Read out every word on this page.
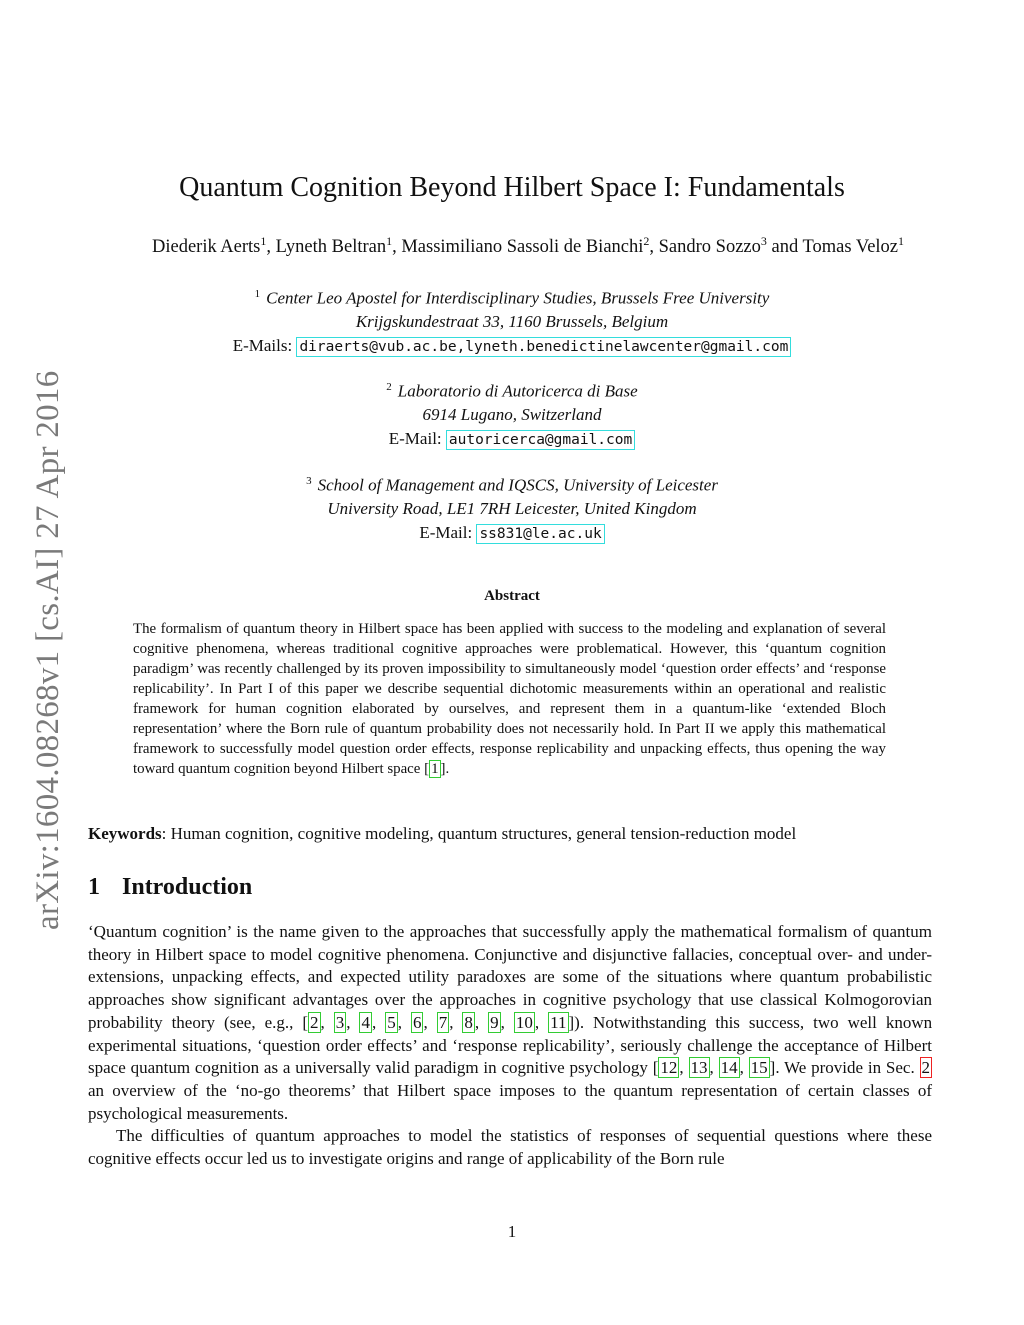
arXiv:1604.08268v1 [cs.AI] 27 Apr 2016
Quantum Cognition Beyond Hilbert Space I: Fundamentals
Diederik Aerts$^1$, Lyneth Beltran$^1$, Massimiliano Sassoli de Bianchi$^2$, Sandro Sozzo$^3$ and Tomas Veloz$^1$
$^1$ Center Leo Apostel for Interdisciplinary Studies, Brussels Free University
Krijgskundestraat 33, 1160 Brussels, Belgium
E-Mails: diraerts@vub.ac.be,lyneth.benedictinelawcenter@gmail.com
$^2$ Laboratorio di Autoricerca di Base
6914 Lugano, Switzerland
E-Mail: autoricerca@gmail.com
$^3$ School of Management and IQSCS, University of Leicester
University Road, LE1 7RH Leicester, United Kingdom
E-Mail: ss831@le.ac.uk
Abstract
The formalism of quantum theory in Hilbert space has been applied with success to the modeling and explanation of several cognitive phenomena, whereas traditional cognitive approaches were problematical. However, this ‘quantum cognition paradigm’ was recently challenged by its proven impossibility to simultaneously model ‘question order effects’ and ‘response replicability’. In Part I of this paper we describe sequential dichotomic measurements within an operational and realistic framework for human cognition elaborated by ourselves, and represent them in a quantum-like ‘extended Bloch representation’ where the Born rule of quantum probability does not necessarily hold. In Part II we apply this mathematical framework to successfully model question order effects, response replicability and unpacking effects, thus opening the way toward quantum cognition beyond Hilbert space [ 1 ].
Keywords: Human cognition, cognitive modeling, quantum structures, general tension-reduction model
1 Introduction

‘Quantum cognition’ is the name given to the approaches that successfully apply the mathematical formalism of quantum theory in Hilbert space to model cognitive phenomena. Conjunctive and disjunctive fallacies, conceptual over- and under-extensions, unpacking effects, and expected utility paradoxes are some of the situations where quantum probabilistic approaches show significant advantages over the approaches in cognitive psychology that use classical Kolmogorovian probability theory (see, e.g., [ 2 , 3 , 4 , 5 , 6 , 7 , 8 , 9 , 10 , 11 ]). Notwithstanding this success, two well known experimental situations, ‘question order effects’ and ‘response replicability’, seriously challenge the acceptance of Hilbert space quantum cognition as a universally valid paradigm in cognitive psychology [ 12 , 13 , 14 , 15 ]. We provide in Sec. 2 an overview of the ‘no-go theorems’ that Hilbert space imposes to the quantum representation of certain classes of psychological measurements.

The difficulties of quantum approaches to model the statistics of responses of sequential questions where these cognitive effects occur led us to investigate origins and range of applicability of the Born rule

1
